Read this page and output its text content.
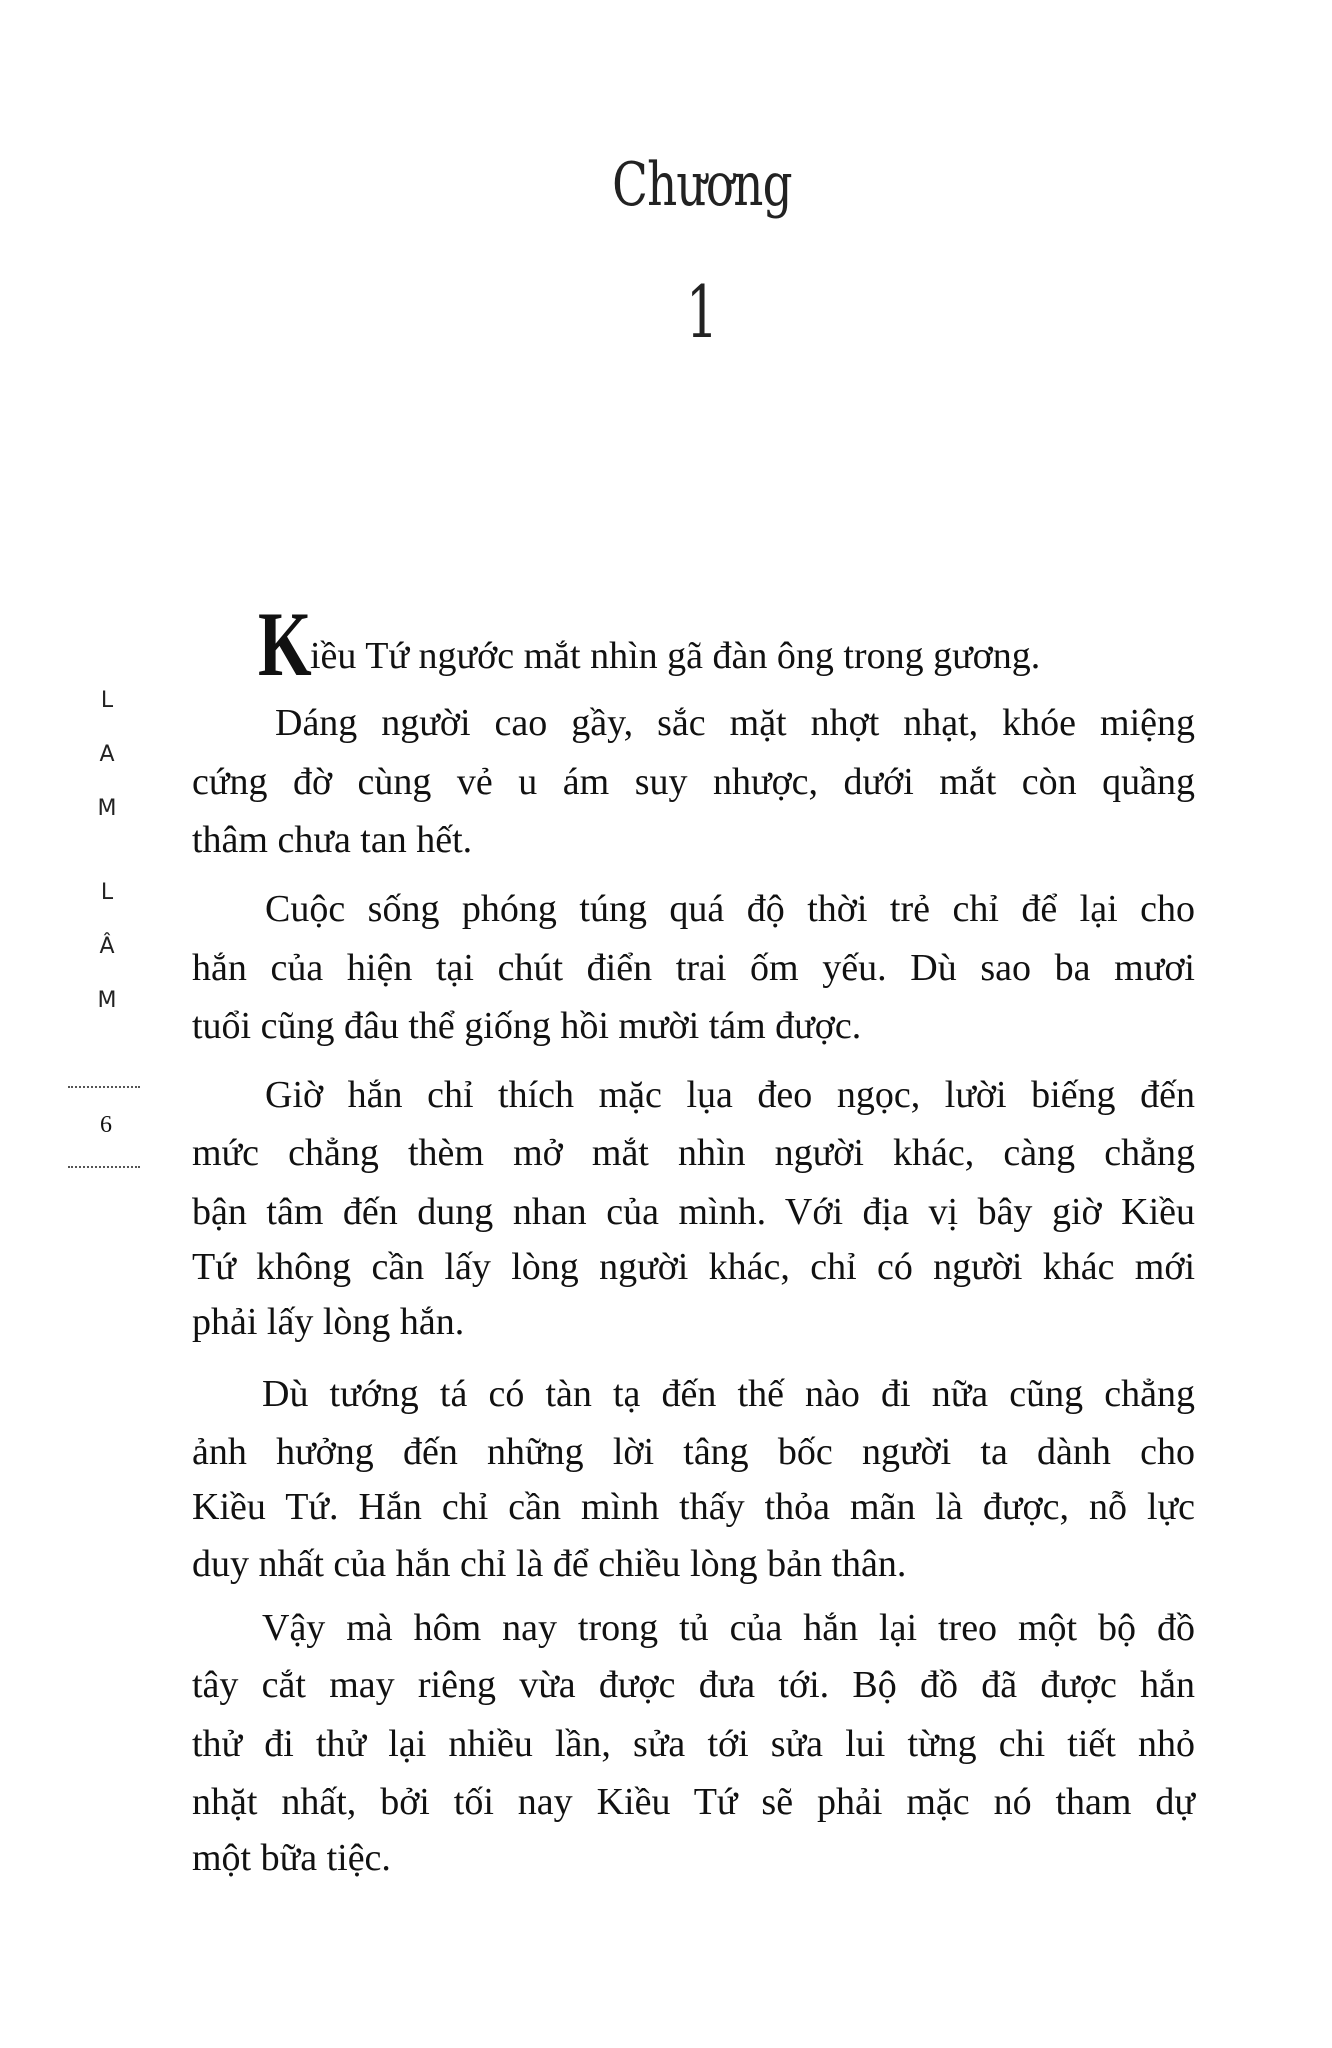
Chương
1
L
A
M
L
Â
M
6
K
iều Tứ ngước mắt nhìn gã đàn ông trong gương.
Dáng người cao gầy, sắc mặt nhợt nhạt, khóe miệng
cứng đờ cùng vẻ u ám suy nhược, dưới mắt còn quầng
thâm chưa tan hết.
Cuộc sống phóng túng quá độ thời trẻ chỉ để lại cho
hắn của hiện tại chút điển trai ốm yếu. Dù sao ba mươi
tuổi cũng đâu thể giống hồi mười tám được.
Giờ hắn chỉ thích mặc lụa đeo ngọc, lười biếng đến
mức chẳng thèm mở mắt nhìn người khác, càng chẳng
bận tâm đến dung nhan của mình. Với địa vị bây giờ Kiều
Tứ không cần lấy lòng người khác, chỉ có người khác mới
phải lấy lòng hắn.
Dù tướng tá có tàn tạ đến thế nào đi nữa cũng chẳng
ảnh hưởng đến những lời tâng bốc người ta dành cho
Kiều Tứ. Hắn chỉ cần mình thấy thỏa mãn là được, nỗ lực
duy nhất của hắn chỉ là để chiều lòng bản thân.
Vậy mà hôm nay trong tủ của hắn lại treo một bộ đồ
tây cắt may riêng vừa được đưa tới. Bộ đồ đã được hắn
thử đi thử lại nhiều lần, sửa tới sửa lui từng chi tiết nhỏ
nhặt nhất, bởi tối nay Kiều Tứ sẽ phải mặc nó tham dự
một bữa tiệc.
